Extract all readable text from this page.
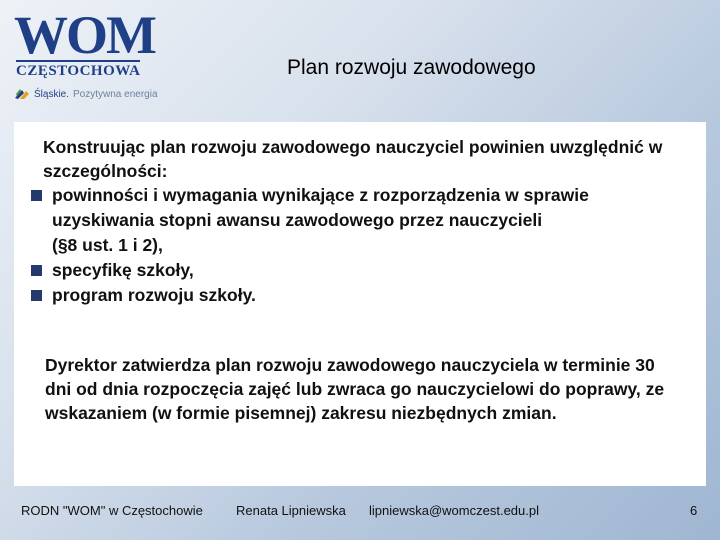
WOM
CZĘSTOCHOWA
Śląskie. Pozytywna energia
Plan rozwoju zawodowego

Konstruując plan rozwoju zawodowego nauczyciel powinien uwzględnić w szczególności:

powinności i wymagania wynikające z rozporządzenia w sprawie
uzyskiwania stopni awansu zawodowego przez nauczycieli
(§8 ust. 1 i 2),
specyfikę szkoły,
program rozwoju szkoły.

Dyrektor zatwierdza plan rozwoju zawodowego nauczyciela w terminie 30 dni od dnia rozpoczęcia zajęć lub zwraca go nauczycielowi do poprawy, ze wskazaniem (w formie pisemnej) zakresu niezbędnych zmian.

RODN "WOM" w Częstochowie	Renata Lipniewska lipniewska@womczest.edu.pl	6
